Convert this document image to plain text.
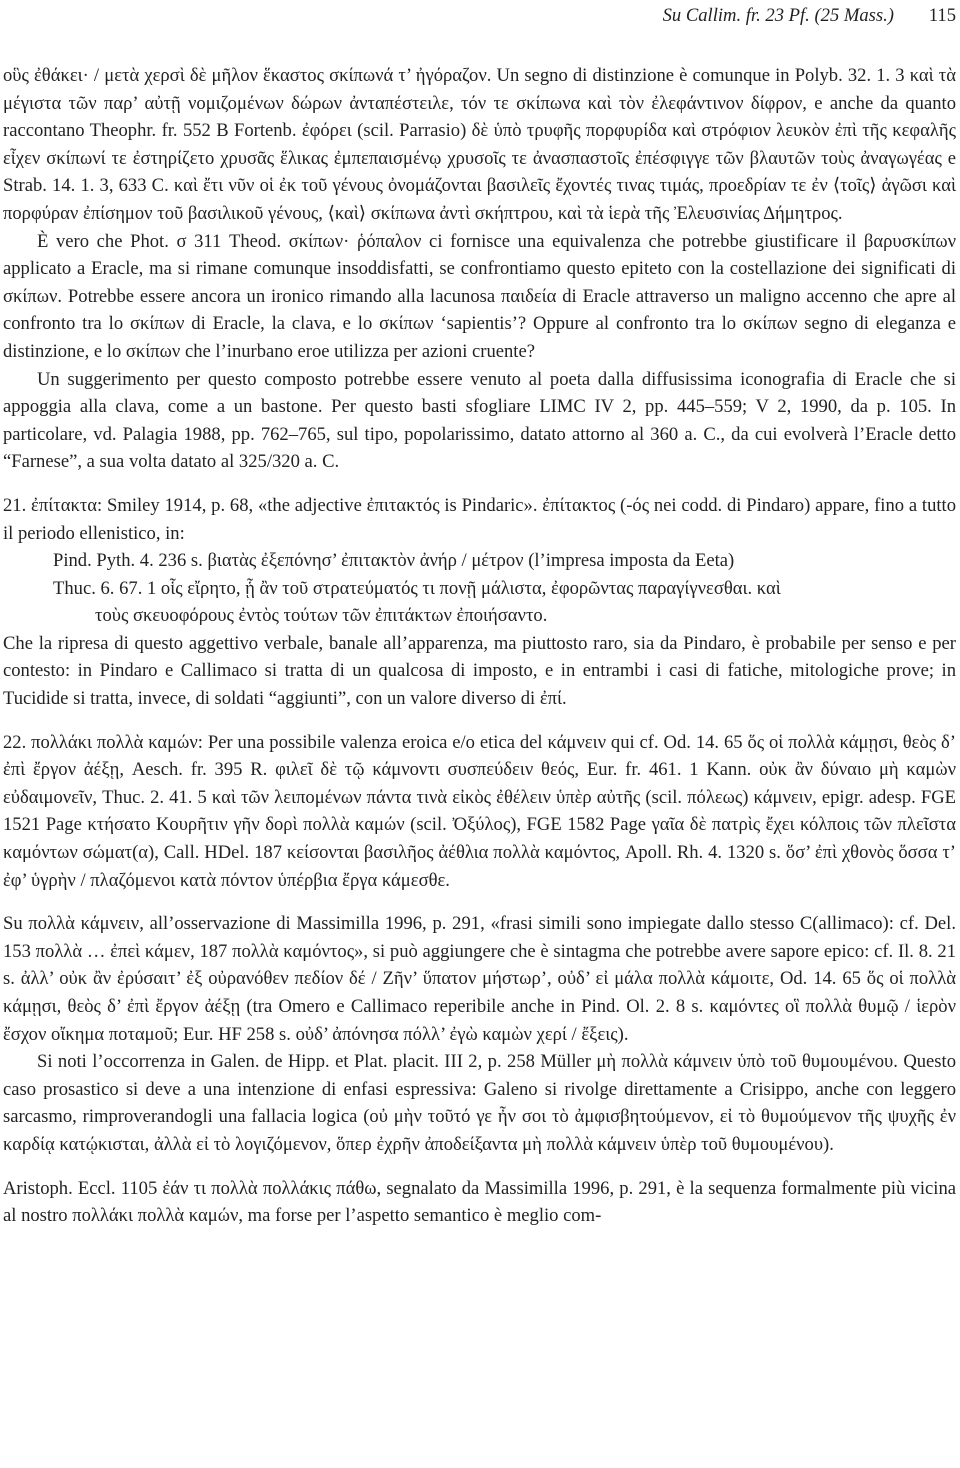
Su Callim. fr. 23 Pf. (25 Mass.) 115

οὓς ἐθάκει· / μετὰ χερσὶ δὲ μῆλον ἕκαστος σκίπωνά τ’ ἠγόραζον. Un segno di distinzione è comunque in Polyb. 32. 1. 3 καὶ τὰ μέγιστα τῶν παρ’ αὐτῇ νομιζομένων δώρων ἀνταπέστειλε, τόν τε σκίπωνα καὶ τὸν ἐλεφάντινον δίφρον, e anche da quanto raccontano Theophr. fr. 552 B Fortenb. ἐφόρει (scil. Parrasio) δὲ ὑπὸ τρυφῆς πορφυρίδα καὶ στρόφιον λευκὸν ἐπὶ τῆς κεφαλῆς εἶχεν σκίπωνί τε ἐστηρίζετο χρυσᾶς ἕλικας ἐμπεπαισμένῳ χρυσοῖς τε ἀνασπαστοῖς ἐπέσφιγγε τῶν βλαυτῶν τοὺς ἀναγωγέας e Strab. 14. 1. 3, 633 C. καὶ ἔτι νῦν οἱ ἐκ τοῦ γένους ὀνομάζονται βασιλεῖς ἔχοντές τινας τιμάς, προεδρίαν τε ἐν ⟨τοῖς⟩ ἀγῶσι καὶ πορφύραν ἐπίσημον τοῦ βασιλικοῦ γένους, ⟨καὶ⟩ σκίπωνα ἀντὶ σκήπτρου, καὶ τὰ ἱερὰ τῆς Ἐλευσινίας Δήμητρος.

È vero che Phot. σ 311 Theod. σκίπων· ῥόπαλον ci fornisce una equivalenza che potrebbe giustificare il βαρυσκίπων applicato a Eracle, ma si rimane comunque insoddisfatti, se confrontiamo questo epiteto con la costellazione dei significati di σκίπων. Potrebbe essere ancora un ironico rimando alla lacunosa παιδεία di Eracle attraverso un maligno accenno che apre al confronto tra lo σκίπων di Eracle, la clava, e lo σκίπων ‘sapientis’? Oppure al confronto tra lo σκίπων segno di eleganza e distinzione, e lo σκίπων che l’inurbano eroe utilizza per azioni cruente?

Un suggerimento per questo composto potrebbe essere venuto al poeta dalla diffusissima iconografia di Eracle che si appoggia alla clava, come a un bastone. Per questo basti sfogliare LIMC IV 2, pp. 445–559; V 2, 1990, da p. 105. In particolare, vd. Palagia 1988, pp. 762–765, sul tipo, popolarissimo, datato attorno al 360 a. C., da cui evolverà l’Eracle detto “Farnese”, a sua volta datato al 325/320 a. C.

21. ἐπίτακτα: Smiley 1914, p. 68, «the adjective ἐπιτακτός is Pindaric». ἐπίτακτος (-ός nei codd. di Pindaro) appare, fino a tutto il periodo ellenistico, in:

Pind. Pyth. 4. 236 s. βιατὰς ἐξεπόνησ’ ἐπιτακτὸν ἀνήρ / μέτρον (l’impresa imposta da Eeta)

Thuc. 6. 67. 1 οἷς εἴρητο, ᾗ ἂν τοῦ στρατεύματός τι πονῇ μάλιστα, ἐφορῶντας παραγίγνεσθαι. καὶ

τοὺς σκευοφόρους ἐντὸς τούτων τῶν ἐπιτάκτων ἐποιήσαντο.

Che la ripresa di questo aggettivo verbale, banale all’apparenza, ma piuttosto raro, sia da Pindaro, è probabile per senso e per contesto: in Pindaro e Callimaco si tratta di un qualcosa di imposto, e in entrambi i casi di fatiche, mitologiche prove; in Tucidide si tratta, invece, di soldati “aggiunti”, con un valore diverso di ἐπί.

22. πολλάκι πολλὰ καμών: Per una possibile valenza eroica e/o etica del κάμνειν qui cf. Od. 14. 65 ὅς οἱ πολλὰ κάμῃσι, θεὸς δ’ ἐπὶ ἔργον ἀέξῃ, Aesch. fr. 395 R. φιλεῖ δὲ τῷ κάμνοντι συσπεύδειν θεός, Eur. fr. 461. 1 Kann. οὐκ ἂν δύναιο μὴ καμὼν εὐδαιμονεῖν, Thuc. 2. 41. 5 καὶ τῶν λειπομένων πάντα τινὰ εἰκὸς ἐθέλειν ὑπὲρ αὐτῆς (scil. πόλεως) κάμνειν, epigr. adesp. FGE 1521 Page κτήσατο Κουρῆτιν γῆν δορὶ πολλὰ καμών (scil. Ὀξύλος), FGE 1582 Page γαῖα δὲ πατρὶς ἔχει κόλποις τῶν πλεῖστα καμόντων σώματ(α), Call. HDel. 187 κείσονται βασιλῆος ἀέθλια πολλὰ καμόντος, Apoll. Rh. 4. 1320 s. ὅσ’ ἐπὶ χθονὸς ὅσσα τ’ ἐφ’ ὑγρὴν / πλαζόμενοι κατὰ πόντον ὑπέρβια ἔργα κάμεσθε.

Su πολλὰ κάμνειν, all’osservazione di Massimilla 1996, p. 291, «frasi simili sono impiegate dallo stesso C(allimaco): cf. Del. 153 πολλὰ … ἐπεὶ κάμεν, 187 πολλὰ καμόντος», si può aggiungere che è sintagma che potrebbe avere sapore epico: cf. Il. 8. 21 s. ἀλλ’ οὐκ ἂν ἐρύσαιτ’ ἐξ οὐρανόθεν πεδίον δέ / Ζῆν’ ὕπατον μήστωρ’, οὐδ’ εἰ μάλα πολλὰ κάμοιτε, Od. 14. 65 ὅς οἱ πολλὰ κάμῃσι, θεὸς δ’ ἐπὶ ἔργον ἀέξῃ (tra Omero e Callimaco reperibile anche in Pind. Ol. 2. 8 s. καμόντες οἳ πολλὰ θυμῷ / ἱερὸν ἔσχον οἴκημα ποταμοῦ; Eur. HF 258 s. οὐδ’ ἀπόνησα πόλλ’ ἐγὼ καμὼν χερί / ἔξεις).

Si noti l’occorrenza in Galen. de Hipp. et Plat. placit. III 2, p. 258 Müller μὴ πολλὰ κάμνειν ὑπὸ τοῦ θυμουμένου. Questo caso prosastico si deve a una intenzione di enfasi espressiva: Galeno si rivolge direttamente a Crisippo, anche con leggero sarcasmo, rimproverandogli una fallacia logica (οὐ μὴν τοῦτό γε ἦν σοι τὸ ἀμφισβητούμενον, εἰ τὸ θυμούμενον τῆς ψυχῆς ἐν καρδίᾳ κατῴκισται, ἀλλὰ εἰ τὸ λογιζόμενον, ὅπερ ἐχρῆν ἀποδείξαντα μὴ πολλὰ κάμνειν ὑπὲρ τοῦ θυμουμένου).

Aristoph. Eccl. 1105 ἐάν τι πολλὰ πολλάκις πάθω, segnalato da Massimilla 1996, p. 291, è la sequenza formalmente più vicina al nostro πολλάκι πολλὰ καμών, ma forse per l’aspetto semantico è meglio com-
